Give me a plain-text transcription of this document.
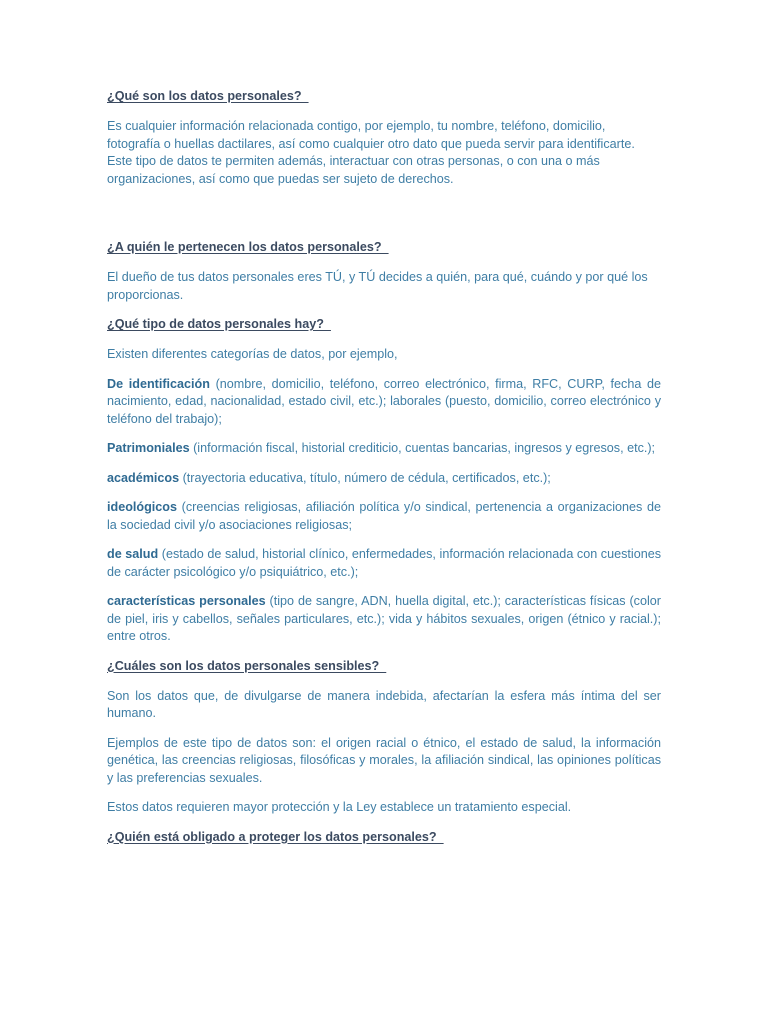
¿Qué son los datos personales?

Es cualquier información relacionada contigo, por ejemplo, tu nombre, teléfono, domicilio, fotografía o huellas dactilares, así como cualquier otro dato que pueda servir para identificarte. Este tipo de datos te permiten además, interactuar con otras personas, o con una o más organizaciones, así como que puedas ser sujeto de derechos.

¿A quién le pertenecen los datos personales?

El dueño de tus datos personales eres TÚ, y TÚ decides a quién, para qué, cuándo y por qué los proporcionas.

¿Qué tipo de datos personales hay?

Existen diferentes categorías de datos, por ejemplo,

De identificación (nombre, domicilio, teléfono, correo electrónico, firma, RFC, CURP, fecha de nacimiento, edad, nacionalidad, estado civil, etc.); laborales (puesto, domicilio, correo electrónico y teléfono del trabajo);

Patrimoniales (información fiscal, historial crediticio, cuentas bancarias, ingresos y egresos, etc.);

académicos (trayectoria educativa, título, número de cédula, certificados, etc.);

ideológicos (creencias religiosas, afiliación política y/o sindical, pertenencia a organizaciones de la sociedad civil y/o asociaciones religiosas;

de salud (estado de salud, historial clínico, enfermedades, información relacionada con cuestiones de carácter psicológico y/o psiquiátrico, etc.);

características personales (tipo de sangre, ADN, huella digital, etc.); características físicas (color de piel, iris y cabellos, señales particulares, etc.); vida y hábitos sexuales, origen (étnico y racial.); entre otros.

¿Cuáles son los datos personales sensibles?

Son los datos que, de divulgarse de manera indebida, afectarían la esfera más íntima del ser humano.

Ejemplos de este tipo de datos son: el origen racial o étnico, el estado de salud, la información genética, las creencias religiosas, filosóficas y morales, la afiliación sindical, las opiniones políticas y las preferencias sexuales.

Estos datos requieren mayor protección y la Ley establece un tratamiento especial.

¿Quién está obligado a proteger los datos personales?
